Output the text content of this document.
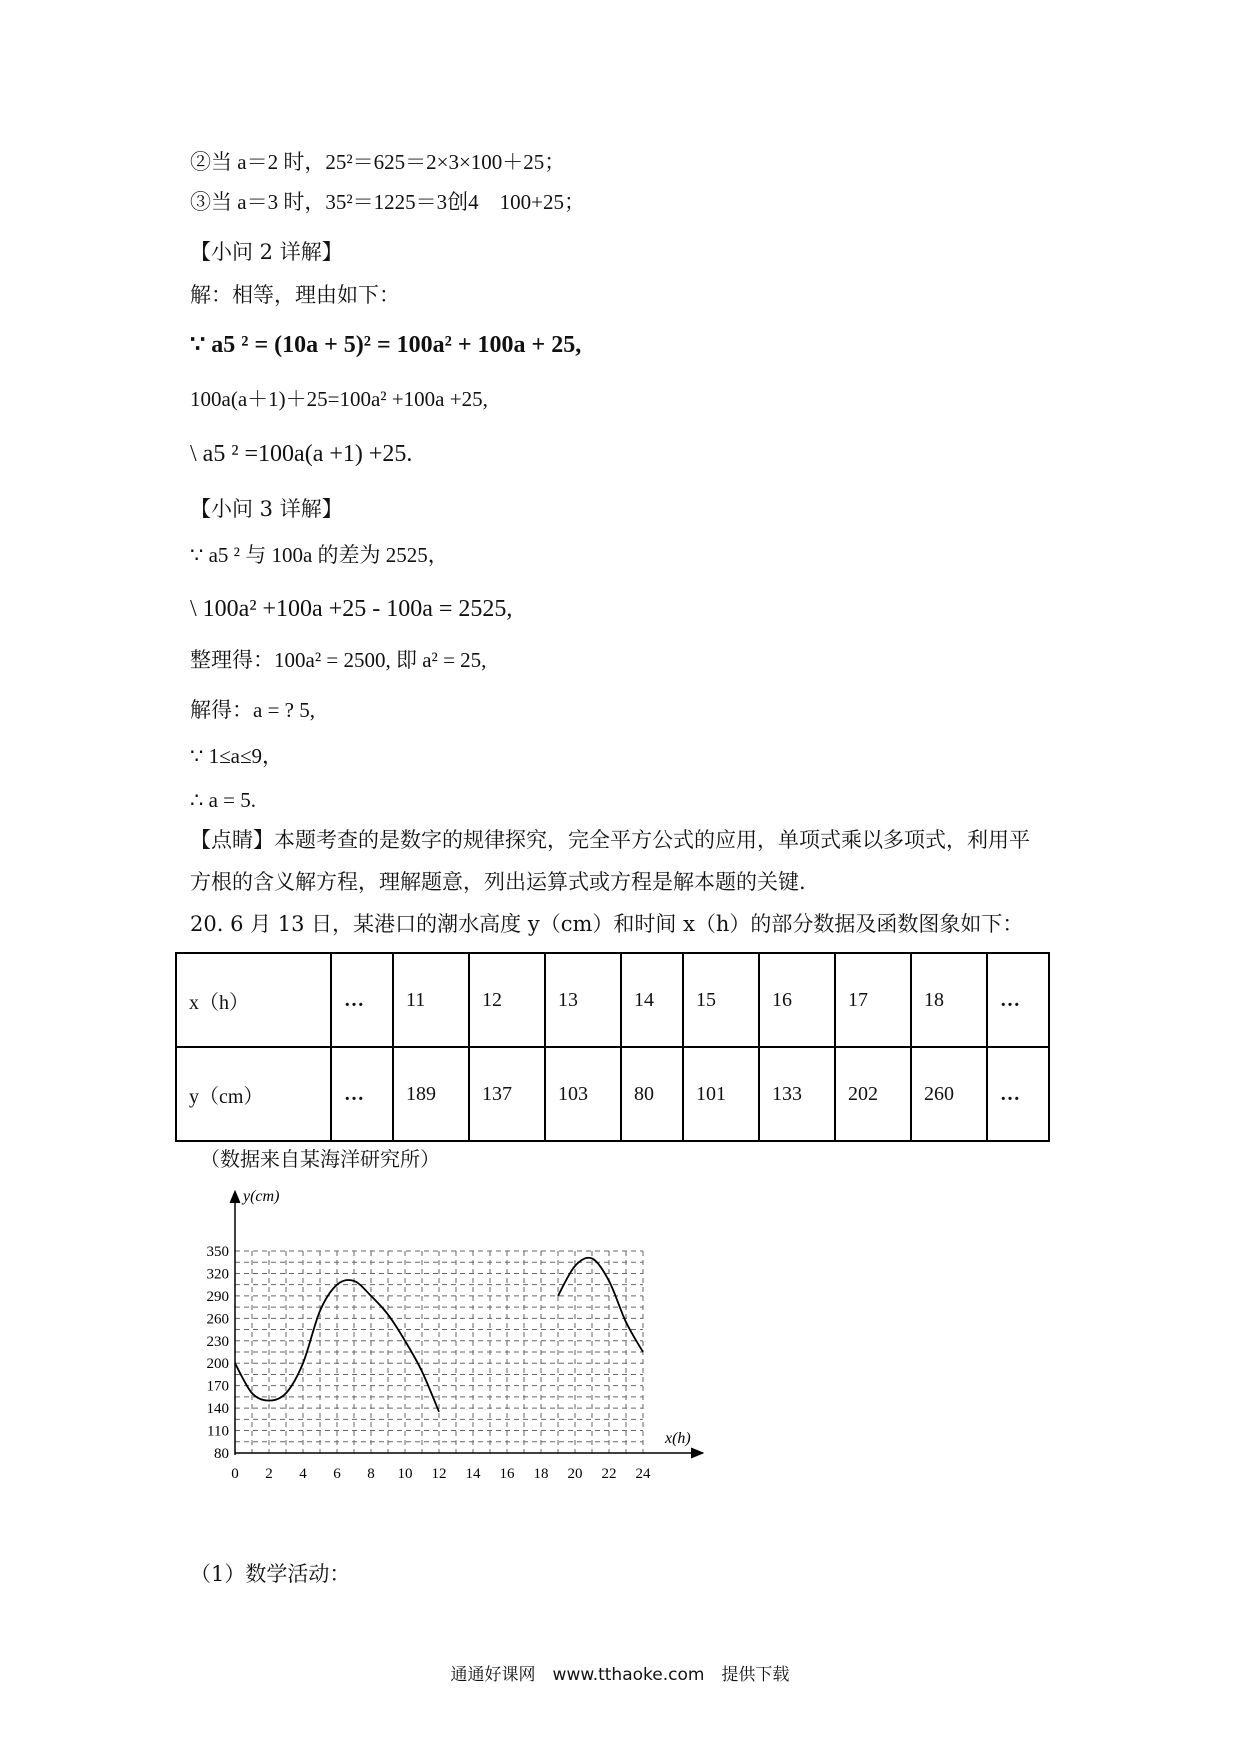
②当 a＝2 时，25²＝625＝2×3×100＋25；
③当 a＝3 时，35²＝1225＝3创4　100+25；
【小问 2 详解】
解：相等，理由如下：
∵ a5 ² = (10a + 5)² = 100a² + 100a + 25,
100a(a＋1)＋25=100a² +100a +25,
\ a5 ² =100a(a +1) +25.
【小问 3 详解】
∵ a5 ² 与 100a 的差为 2525，
\ 100a² +100a +25 - 100a = 2525,
整理得：100a² = 2500, 即 a² = 25,
解得：a = ? 5,
∵ 1≤a≤9，
∴ a = 5.
【点睛】本题考查的是数字的规律探究，完全平方公式的应用，单项式乘以多项式，利用平
方根的含义解方程，理解题意，列出运算式或方程是解本题的关键.
20. 6 月 13 日，某港口的潮水高度 y（cm）和时间 x（h）的部分数据及函数图象如下：
x（h）	…	11	12	13	14	15	16	17	18	…
y（cm）	…	189	137	103	80	101	133	202	260	…
（数据来自某海洋研究所）
80
110
140
170
200
230
260
290
320
350
0 2 4 6 8 10 12 14 16 18 20 22 24
y(cm)
x(h)
（1）数学活动：
通通好课网　www.tthaoke.com　提供下载
